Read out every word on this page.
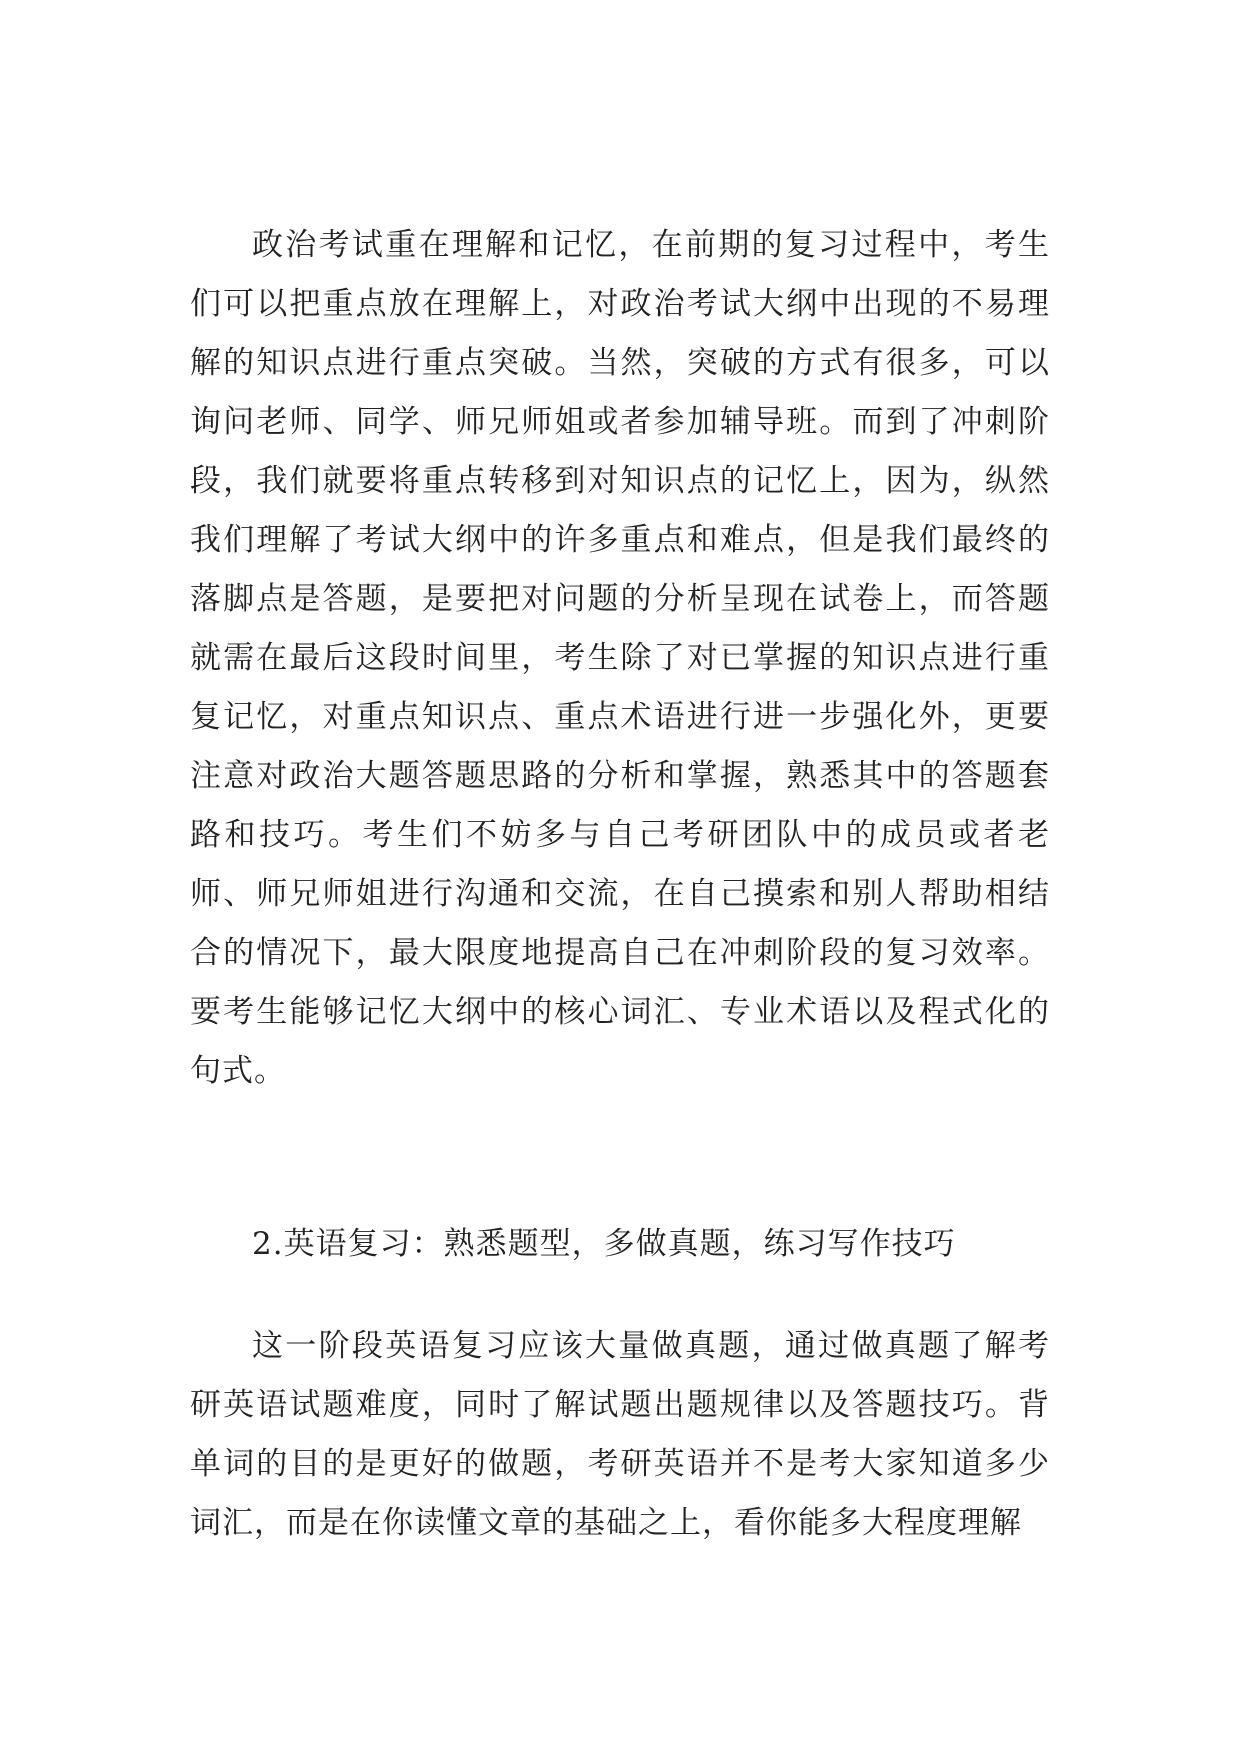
政治考试重在理解和记忆，在前期的复习过程中，考生们可以把重点放在理解上，对政治考试大纲中出现的不易理解的知识点进行重点突破。当然，突破的方式有很多，可以询问老师、同学、师兄师姐或者参加辅导班。而到了冲刺阶段，我们就要将重点转移到对知识点的记忆上，因为，纵然我们理解了考试大纲中的许多重点和难点，但是我们最终的落脚点是答题，是要把对问题的分析呈现在试卷上，而答题就需在最后这段时间里，考生除了对已掌握的知识点进行重复记忆，对重点知识点、重点术语进行进一步强化外，更要注意对政治大题答题思路的分析和掌握，熟悉其中的答题套路和技巧。考生们不妨多与自己考研团队中的成员或者老师、师兄师姐进行沟通和交流，在自己摸索和别人帮助相结合的情况下，最大限度地提高自己在冲刺阶段的复习效率。要考生能够记忆大纲中的核心词汇、专业术语以及程式化的句式。

2.英语复习：熟悉题型，多做真题，练习写作技巧

这一阶段英语复习应该大量做真题，通过做真题了解考研英语试题难度，同时了解试题出题规律以及答题技巧。背单词的目的是更好的做题，考研英语并不是考大家知道多少词汇，而是在你读懂文章的基础之上，看你能多大程度理解
